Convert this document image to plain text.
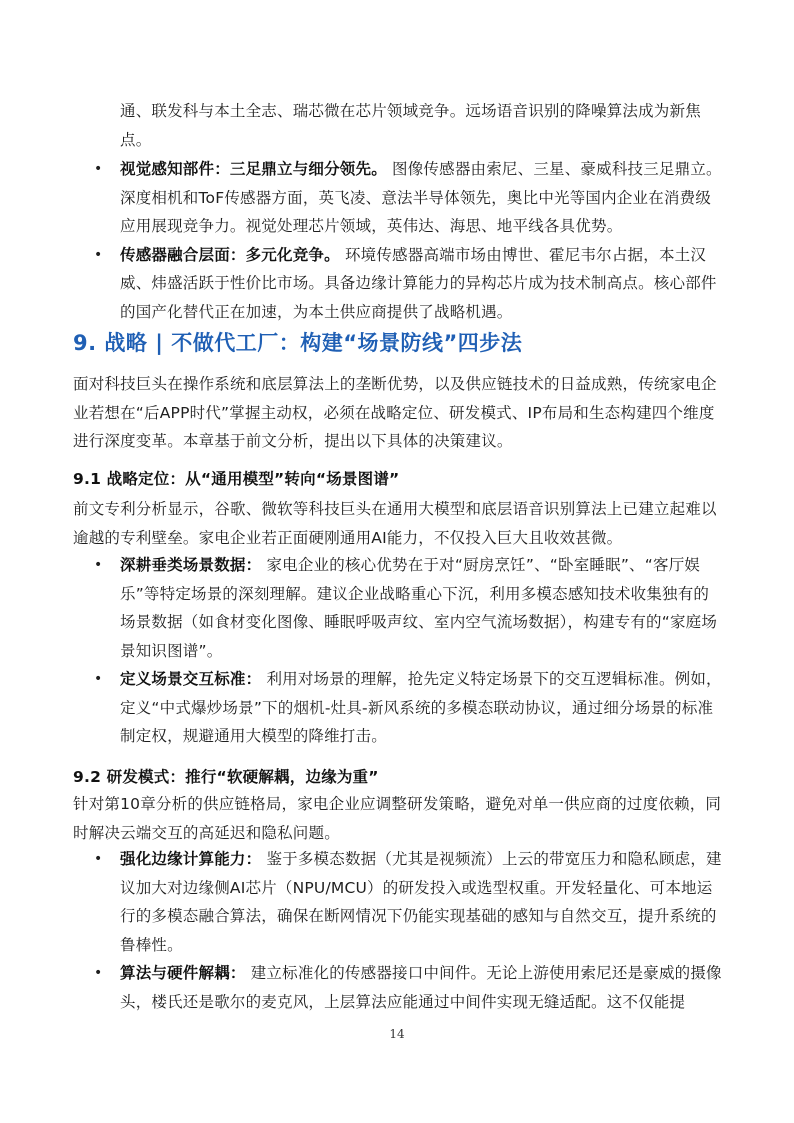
通、联发科与本土全志、瑞芯微在芯片领域竞争。远场语音识别的降噪算法成为新焦点。

• 视觉感知部件：三足鼎立与细分领先。 图像传感器由索尼、三星、豪威科技三足鼎立。深度相机和ToF传感器方面，英飞凌、意法半导体领先，奥比中光等国内企业在消费级应用展现竞争力。视觉处理芯片领域，英伟达、海思、地平线各具优势。
• 传感器融合层面：多元化竞争。 环境传感器高端市场由博世、霍尼韦尔占据，本土汉威、炜盛活跃于性价比市场。具备边缘计算能力的异构芯片成为技术制高点。核心部件的国产化替代正在加速，为本土供应商提供了战略机遇。
9. 战略 | 不做代工厂：构建“场景防线”四步法

面对科技巨头在操作系统和底层算法上的垄断优势，以及供应链技术的日益成熟，传统家电企业若想在“后APP时代”掌握主动权，必须在战略定位、研发模式、IP布局和生态构建四个维度进行深度变革。本章基于前文分析，提出以下具体的决策建议。

9.1 战略定位：从“通用模型”转向“场景图谱”

前文专利分析显示，谷歌、微软等科技巨头在通用大模型和底层语音识别算法上已建立起难以逾越的专利壁垒。家电企业若正面硬刚通用AI能力，不仅投入巨大且收效甚微。

• 深耕垂类场景数据： 家电企业的核心优势在于对“厨房烹饪”、“卧室睡眠”、“客厅娱乐”等特定场景的深刻理解。建议企业战略重心下沉，利用多模态感知技术收集独有的场景数据（如食材变化图像、睡眠呼吸声纹、室内空气流场数据），构建专有的“家庭场景知识图谱”。
• 定义场景交互标准： 利用对场景的理解，抢先定义特定场景下的交互逻辑标准。例如，定义“中式爆炒场景”下的烟机-灶具-新风系统的多模态联动协议，通过细分场景的标准制定权，规避通用大模型的降维打击。
9.2 研发模式：推行“软硬解耦，边缘为重”

针对第10章分析的供应链格局，家电企业应调整研发策略，避免对单一供应商的过度依赖，同时解决云端交互的高延迟和隐私问题。

• 强化边缘计算能力： 鉴于多模态数据（尤其是视频流）上云的带宽压力和隐私顾虑，建议加大对边缘侧AI芯片（NPU/MCU）的研发投入或选型权重。开发轻量化、可本地运行的多模态融合算法，确保在断网情况下仍能实现基础的感知与自然交互，提升系统的鲁棒性。
• 算法与硬件解耦： 建立标准化的传感器接口中间件。无论上游使用索尼还是豪威的摄像头，楼氏还是歌尔的麦克风，上层算法应能通过中间件实现无缝适配。这不仅能提
14
